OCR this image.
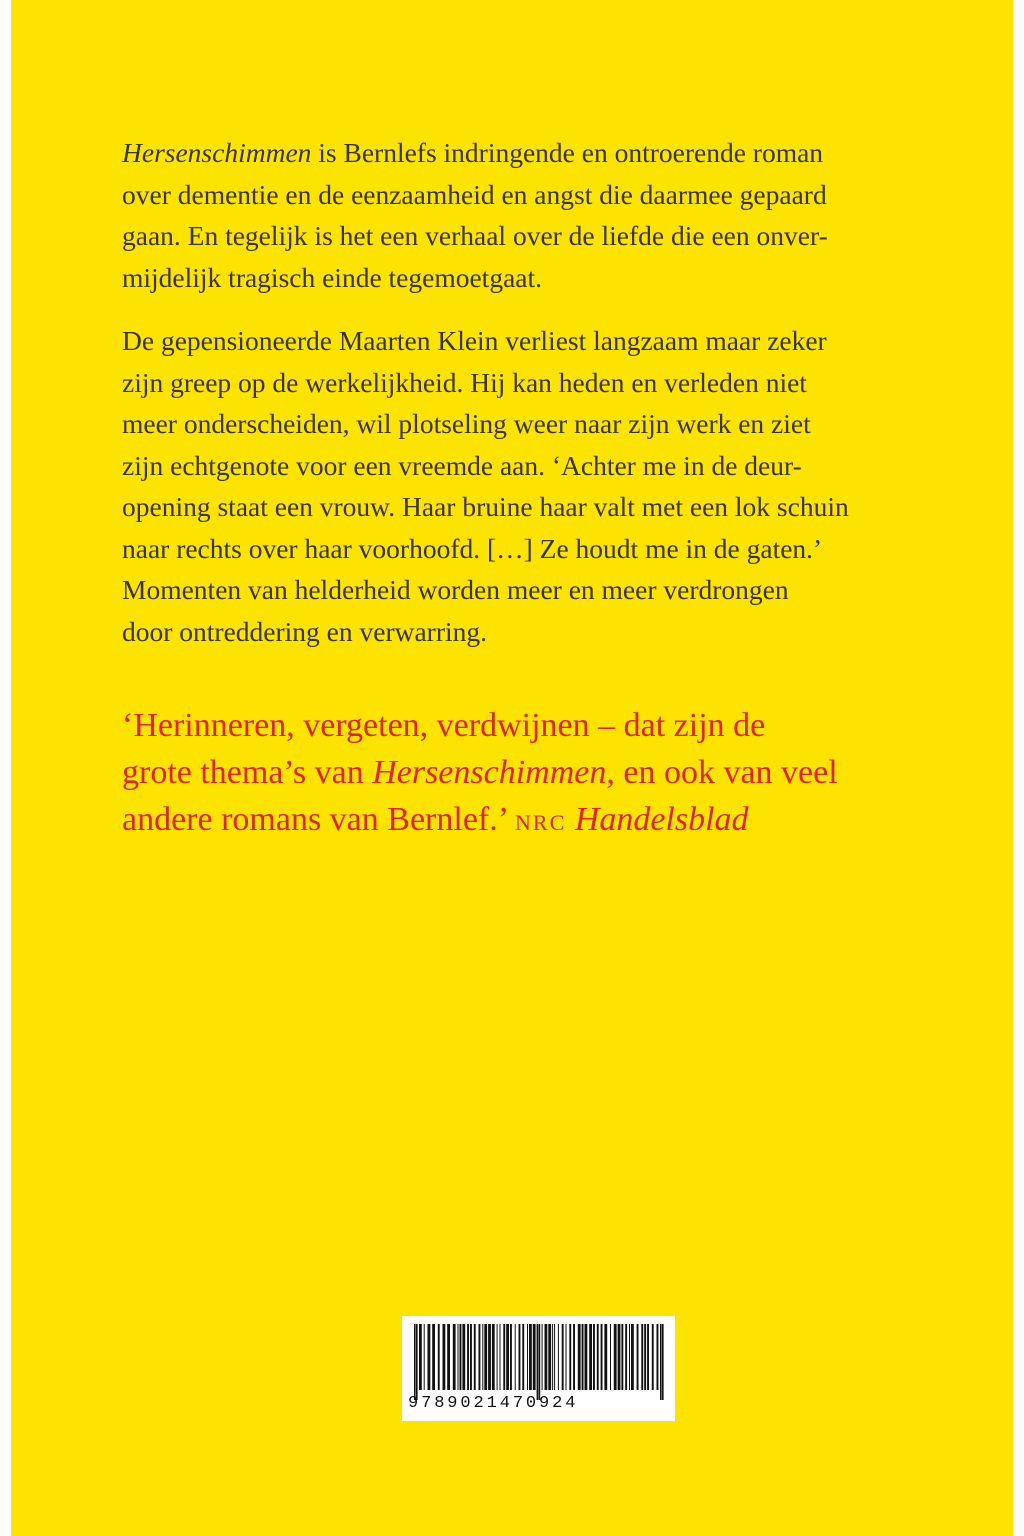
Hersenschimmen is Bernlefs indringende en ontroerende roman
over dementie en de eenzaamheid en angst die daarmee gepaard
gaan. En tegelijk is het een verhaal over de liefde die een onver-
mijdelijk tragisch einde tegemoetgaat.
De gepensioneerde Maarten Klein verliest langzaam maar zeker
zijn greep op de werkelijkheid. Hij kan heden en verleden niet
meer onderscheiden, wil plotseling weer naar zijn werk en ziet
zijn echtgenote voor een vreemde aan. ‘Achter me in de deur-
opening staat een vrouw. Haar bruine haar valt met een lok schuin
naar rechts over haar voorhoofd. […] Ze houdt me in de gaten.’
Momenten van helderheid worden meer en meer verdrongen
door ontreddering en verwarring.
‘Herinneren, vergeten, verdwijnen – dat zijn de
grote thema’s van Hersenschimmen, en ook van veel
andere romans van Bernlef.’ NRC Handelsblad
9789021470924
